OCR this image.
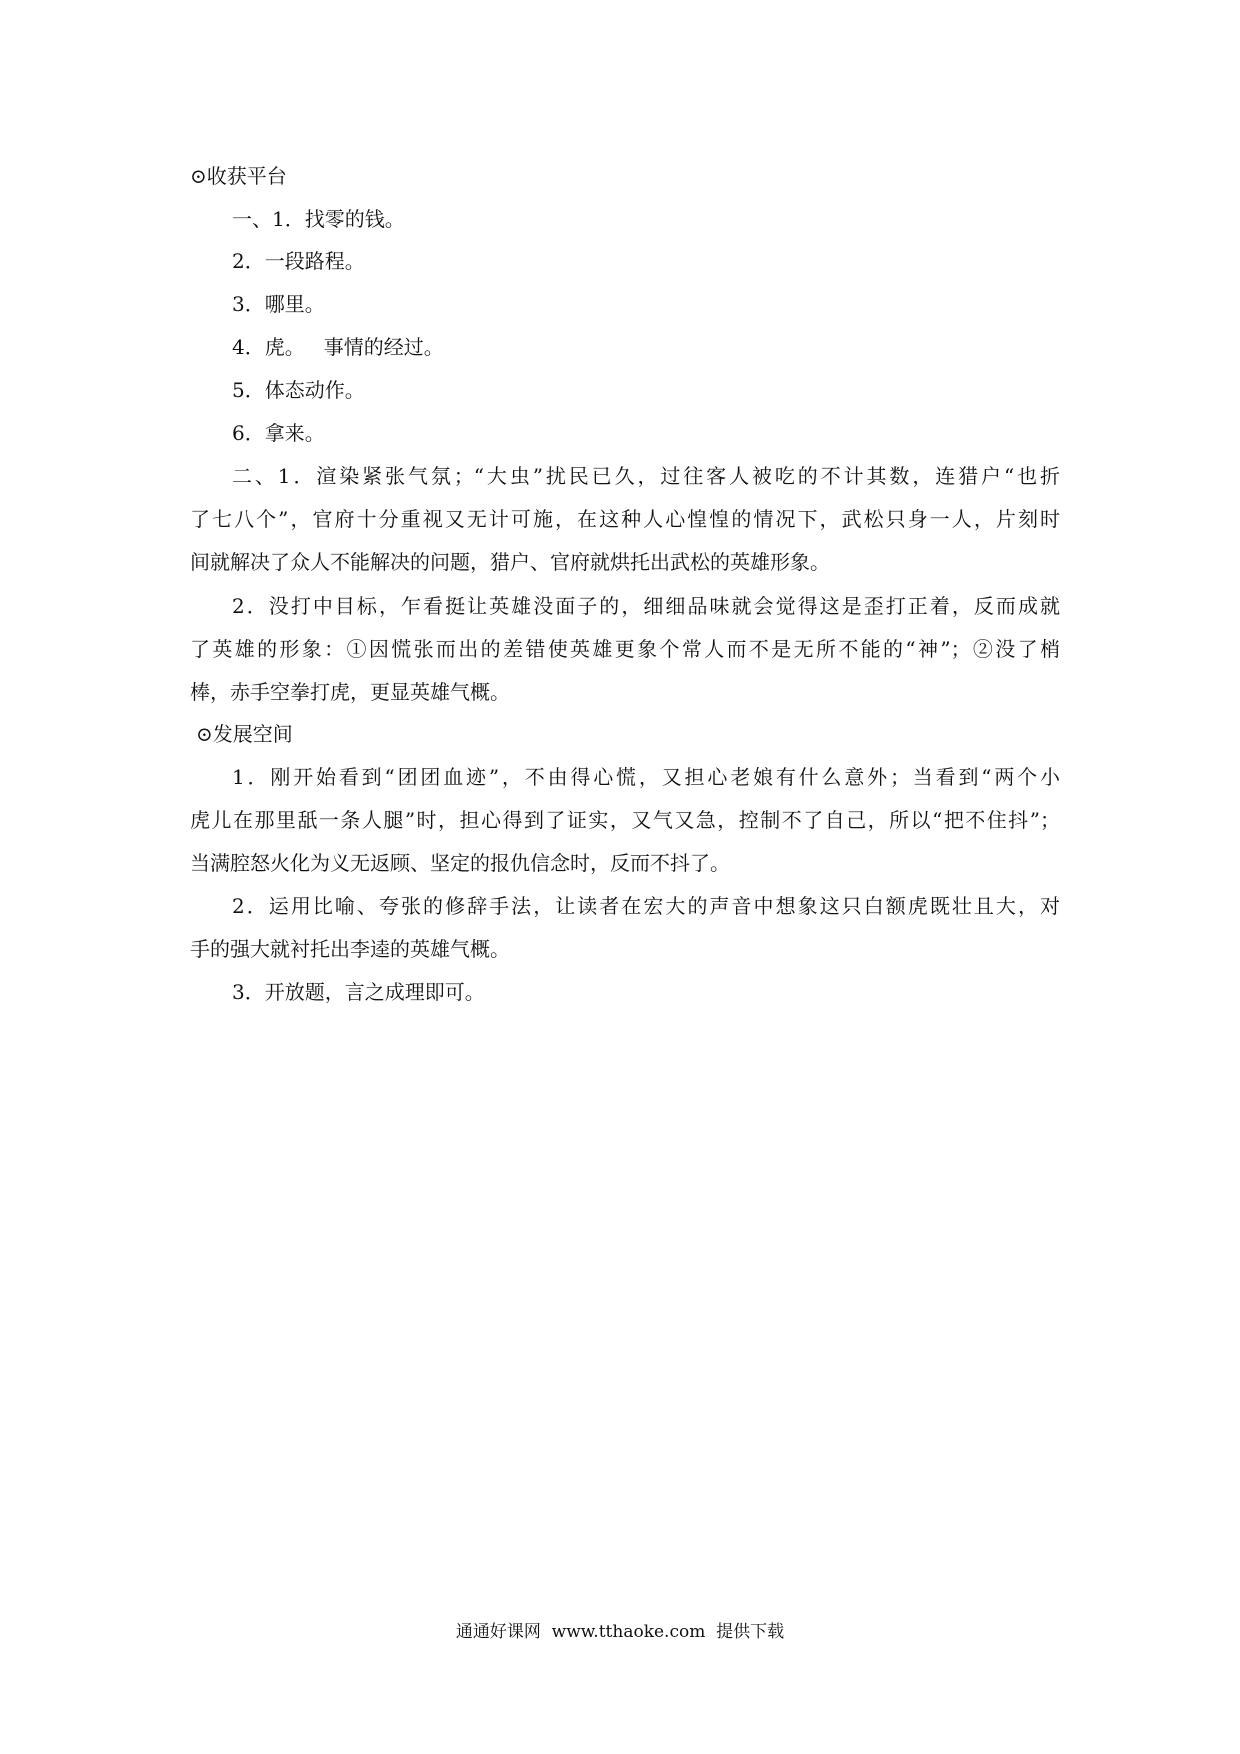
⊙收获平台
一、1．找零的钱。
2．一段路程。
3．哪里。
4．虎。   事情的经过。
5．体态动作。
6．拿来。
二、1．渲染紧张气氛；“大虫”扰民已久，过往客人被吃的不计其数，连猎户“也折
了七八个”，官府十分重视又无计可施，在这种人心惶惶的情况下，武松只身一人，片刻时
间就解决了众人不能解决的问题，猎户、官府就烘托出武松的英雄形象。
2．没打中目标，乍看挺让英雄没面子的，细细品味就会觉得这是歪打正着，反而成就
了英雄的形象：①因慌张而出的差错使英雄更象个常人而不是无所不能的“神”；②没了梢
棒，赤手空拳打虎，更显英雄气概。
⊙发展空间
1．刚开始看到“团团血迹”，不由得心慌，又担心老娘有什么意外；当看到“两个小
虎儿在那里舐一条人腿”时，担心得到了证实，又气又急，控制不了自己，所以“把不住抖”；
当满腔怒火化为义无返顾、坚定的报仇信念时，反而不抖了。
2．运用比喻、夸张的修辞手法，让读者在宏大的声音中想象这只白额虎既壮且大，对
手的强大就衬托出李逵的英雄气概。
3．开放题，言之成理即可。
通通好课网  www.tthaoke.com  提供下载
